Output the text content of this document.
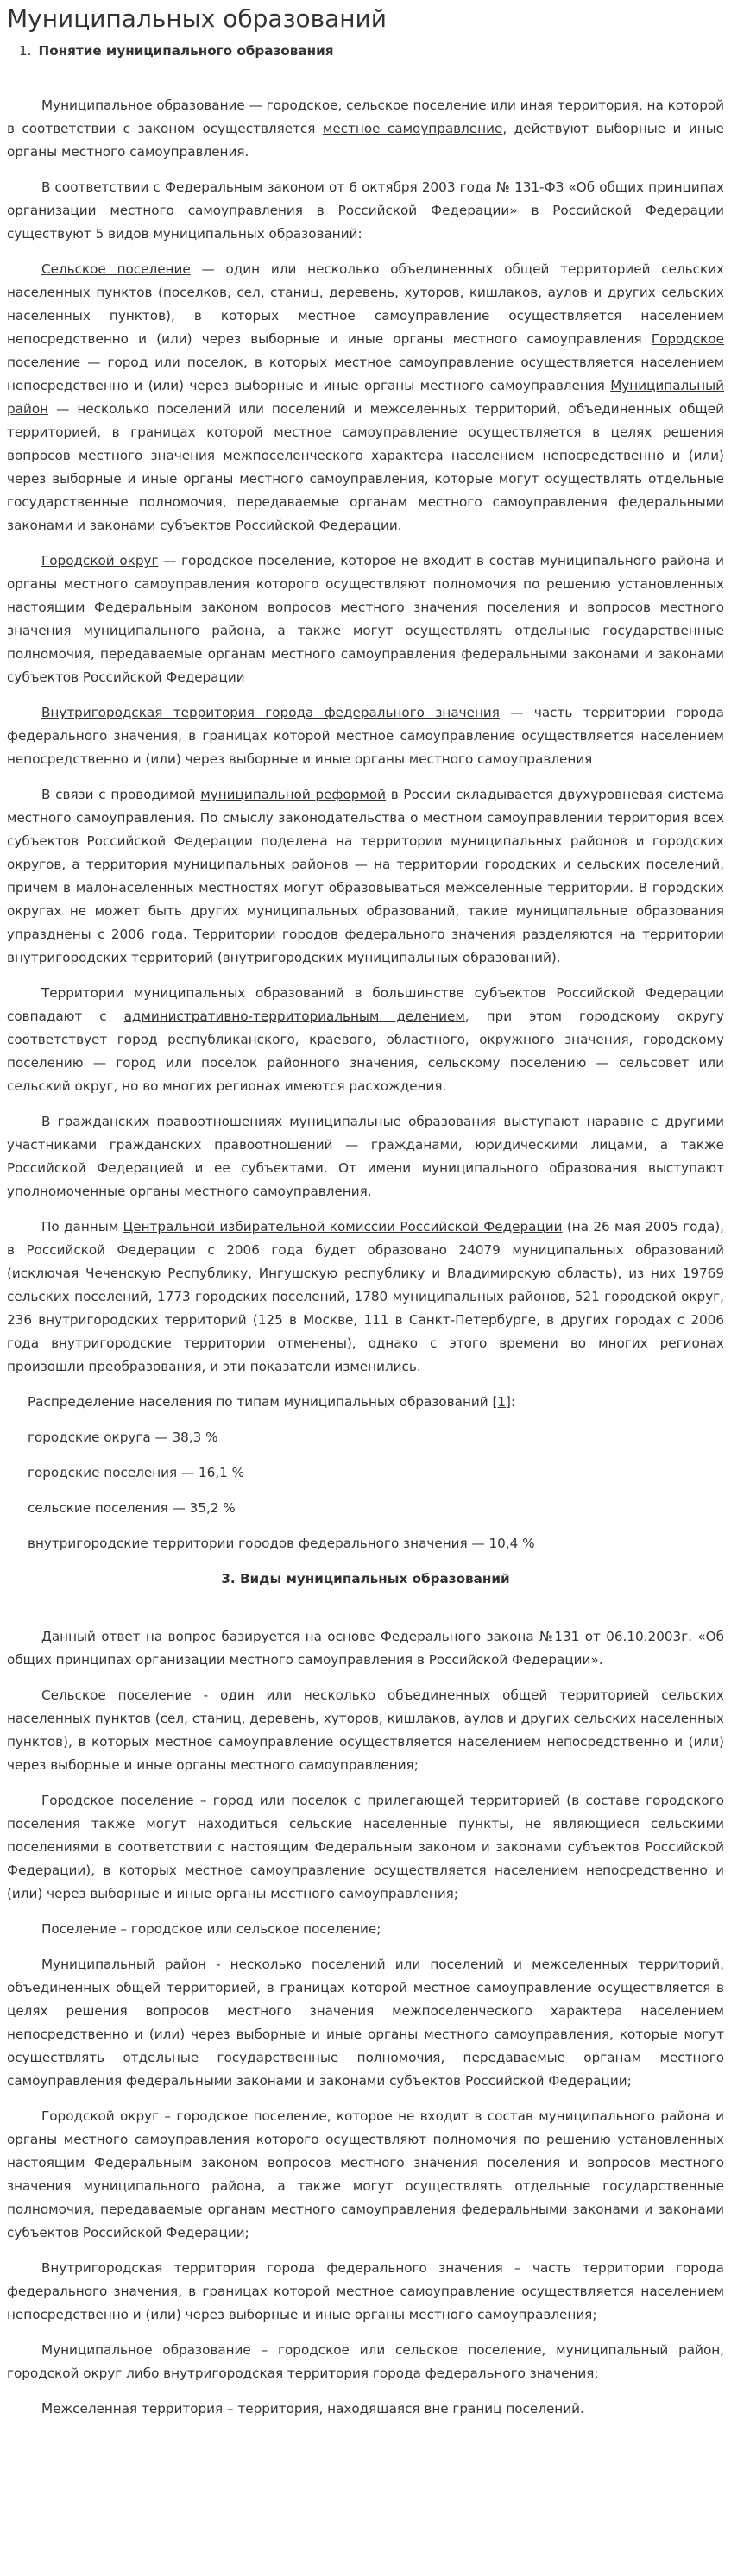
Муниципальных образований
1. Понятие муниципального образования

Муниципальное образование — городское, сельское поселение или иная территория, на которой в соответствии с законом осуществляется местное самоуправление, действуют выборные и иные органы местного самоуправления.

В соответствии с Федеральным законом от 6 октября 2003 года № 131-ФЗ «Об общих принципах организации местного самоуправления в Российской Федерации» в Российской Федерации существуют 5 видов муниципальных образований:

Сельское поселение — один или несколько объединенных общей территорией сельских населенных пунктов (поселков, сел, станиц, деревень, хуторов, кишлаков, аулов и других сельских населенных пунктов), в которых местное самоуправление осуществляется населением непосредственно и (или) через выборные и иные органы местного самоуправления Городское поселение — город или поселок, в которых местное самоуправление осуществляется населением непосредственно и (или) через выборные и иные органы местного самоуправления Муниципальный район — несколько поселений или поселений и межселенных территорий, объединенных общей территорией, в границах которой местное самоуправление осуществляется в целях решения вопросов местного значения межпоселенческого характера населением непосредственно и (или) через выборные и иные органы местного самоуправления, которые могут осуществлять отдельные государственные полномочия, передаваемые органам местного самоуправления федеральными законами и законами субъектов Российской Федерации.

Городской округ — городское поселение, которое не входит в состав муниципального района и органы местного самоуправления которого осуществляют полномочия по решению установленных настоящим Федеральным законом вопросов местного значения поселения и вопросов местного значения муниципального района, а также могут осуществлять отдельные государственные полномочия, передаваемые органам местного самоуправления федеральными законами и законами субъектов Российской Федерации

Внутригородская территория города федерального значения — часть территории города федерального значения, в границах которой местное самоуправление осуществляется населением непосредственно и (или) через выборные и иные органы местного самоуправления

В связи с проводимой муниципальной реформой в России складывается двухуровневая система местного самоуправления. По смыслу законодательства о местном самоуправлении территория всех субъектов Российской Федерации поделена на территории муниципальных районов и городских округов, а территория муниципальных районов — на территории городских и сельских поселений, причем в малонаселенных местностях могут образовываться межселенные территории. В городских округах не может быть других муниципальных образований, такие муниципальные образования упразднены с 2006 года. Территории городов федерального значения разделяются на территории внутригородских территорий (внутригородских муниципальных образований).

Территории муниципальных образований в большинстве субъектов Российской Федерации совпадают с административно-территориальным делением, при этом городскому округу соответствует город республиканского, краевого, областного, окружного значения, городскому поселению — город или поселок районного значения, сельскому поселению — сельсовет или сельский округ, но во многих регионах имеются расхождения.

В гражданских правоотношениях муниципальные образования выступают наравне с другими участниками гражданских правоотношений — гражданами, юридическими лицами, а также Российской Федерацией и ее субъектами. От имени муниципального образования выступают уполномоченные органы местного самоуправления.

По данным Центральной избирательной комиссии Российской Федерации (на 26 мая 2005 года), в Российской Федерации с 2006 года будет образовано 24079 муниципальных образований (исключая Чеченскую Республику, Ингушскую республику и Владимирскую область), из них 19769 сельских поселений, 1773 городских поселений, 1780 муниципальных районов, 521 городской округ, 236 внутригородских территорий (125 в Москве, 111 в Санкт-Петербурге, в других городах с 2006 года внутригородские территории отменены), однако с этого времени во многих регионах произошли преобразования, и эти показатели изменились.

Распределение населения по типам муниципальных образований [1]:

городские округа — 38,3 %
городские поселения — 16,1 %
сельские поселения — 35,2 %
внутригородские территории городов федерального значения — 10,4 %
3. Виды муниципальных образований

Данный ответ на вопрос базируется на основе Федерального закона №131 от 06.10.2003г. «Об общих принципах организации местного самоуправления в Российской Федерации».

Сельское поселение - один или несколько объединенных общей территорией сельских населенных пунктов (сел, станиц, деревень, хуторов, кишлаков, аулов и других сельских населенных пунктов), в которых местное самоуправление осуществляется населением непосредственно и (или) через выборные и иные органы местного самоуправления;

Городское поселение – город или поселок с прилегающей территорией (в составе городского поселения также могут находиться сельские населенные пункты, не являющиеся сельскими поселениями в соответствии с настоящим Федеральным законом и законами субъектов Российской Федерации), в которых местное самоуправление осуществляется населением непосредственно и (или) через выборные и иные органы местного самоуправления;

Поселение – городское или сельское поселение;

Муниципальный район - несколько поселений или поселений и межселенных территорий, объединенных общей территорией, в границах которой местное самоуправление осуществляется в целях решения вопросов местного значения межпоселенческого характера населением непосредственно и (или) через выборные и иные органы местного самоуправления, которые могут осуществлять отдельные государственные полномочия, передаваемые органам местного самоуправления федеральными законами и законами субъектов Российской Федерации;

Городской округ – городское поселение, которое не входит в состав муниципального района и органы местного самоуправления которого осуществляют полномочия по решению установленных настоящим Федеральным законом вопросов местного значения поселения и вопросов местного значения муниципального района, а также могут осуществлять отдельные государственные полномочия, передаваемые органам местного самоуправления федеральными законами и законами субъектов Российской Федерации;

Внутригородская территория города федерального значения – часть территории города федерального значения, в границах которой местное самоуправление осуществляется населением непосредственно и (или) через выборные и иные органы местного самоуправления;

Муниципальное образование – городское или сельское поселение, муниципальный район, городской округ либо внутригородская территория города федерального значения;

Межселенная территория – территория, находящаяся вне границ поселений.
